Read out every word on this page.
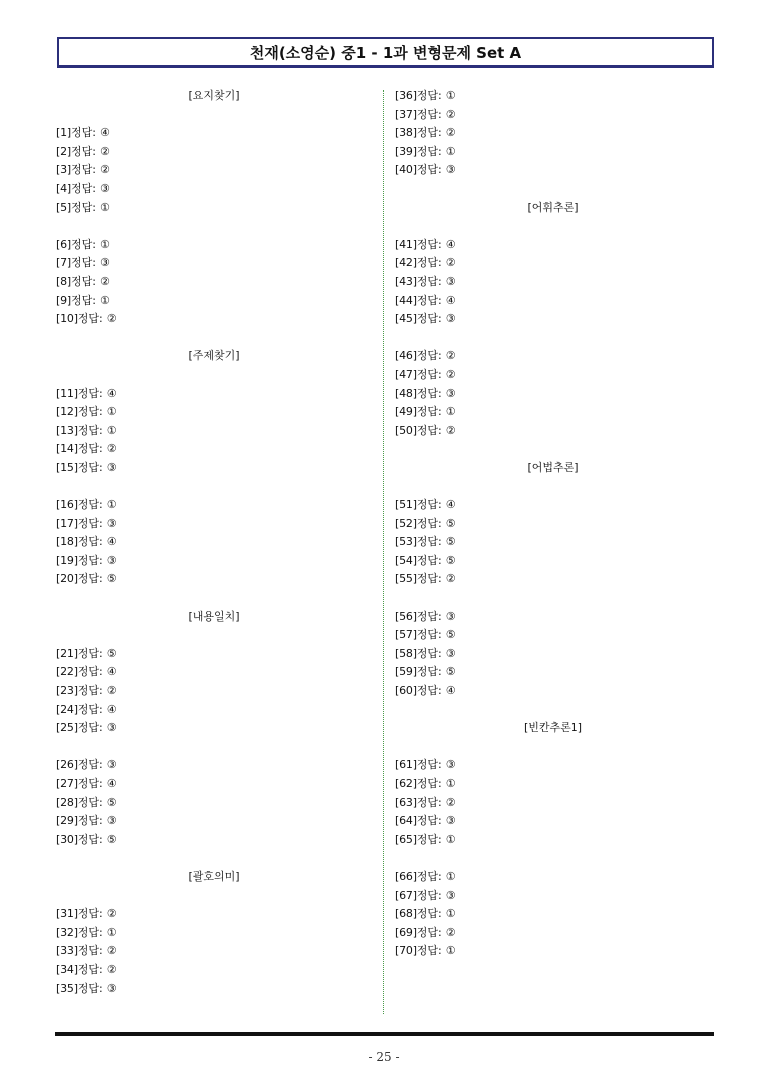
천재(소영순) 중1 - 1과 변형문제 Set A
[요지찾기]
[1]정답: ④
[2]정답: ②
[3]정답: ②
[4]정답: ③
[5]정답: ①
[6]정답: ①
[7]정답: ③
[8]정답: ②
[9]정답: ①
[10]정답: ②
[주제찾기]
[11]정답: ④
[12]정답: ①
[13]정답: ①
[14]정답: ②
[15]정답: ③
[16]정답: ①
[17]정답: ③
[18]정답: ④
[19]정답: ③
[20]정답: ⑤
[내용일치]
[21]정답: ⑤
[22]정답: ④
[23]정답: ②
[24]정답: ④
[25]정답: ③
[26]정답: ③
[27]정답: ④
[28]정답: ⑤
[29]정답: ③
[30]정답: ⑤
[괄호의미]
[31]정답: ②
[32]정답: ①
[33]정답: ②
[34]정답: ②
[35]정답: ③
[36]정답: ①
[37]정답: ②
[38]정답: ②
[39]정답: ①
[40]정답: ③
[어휘추론]
[41]정답: ④
[42]정답: ②
[43]정답: ③
[44]정답: ④
[45]정답: ③
[46]정답: ②
[47]정답: ②
[48]정답: ③
[49]정답: ①
[50]정답: ②
[어법추론]
[51]정답: ④
[52]정답: ⑤
[53]정답: ⑤
[54]정답: ⑤
[55]정답: ②
[56]정답: ③
[57]정답: ⑤
[58]정답: ③
[59]정답: ⑤
[60]정답: ④
[빈칸추론1]
[61]정답: ③
[62]정답: ①
[63]정답: ②
[64]정답: ③
[65]정답: ①
[66]정답: ①
[67]정답: ③
[68]정답: ①
[69]정답: ②
[70]정답: ①
- 25 -
